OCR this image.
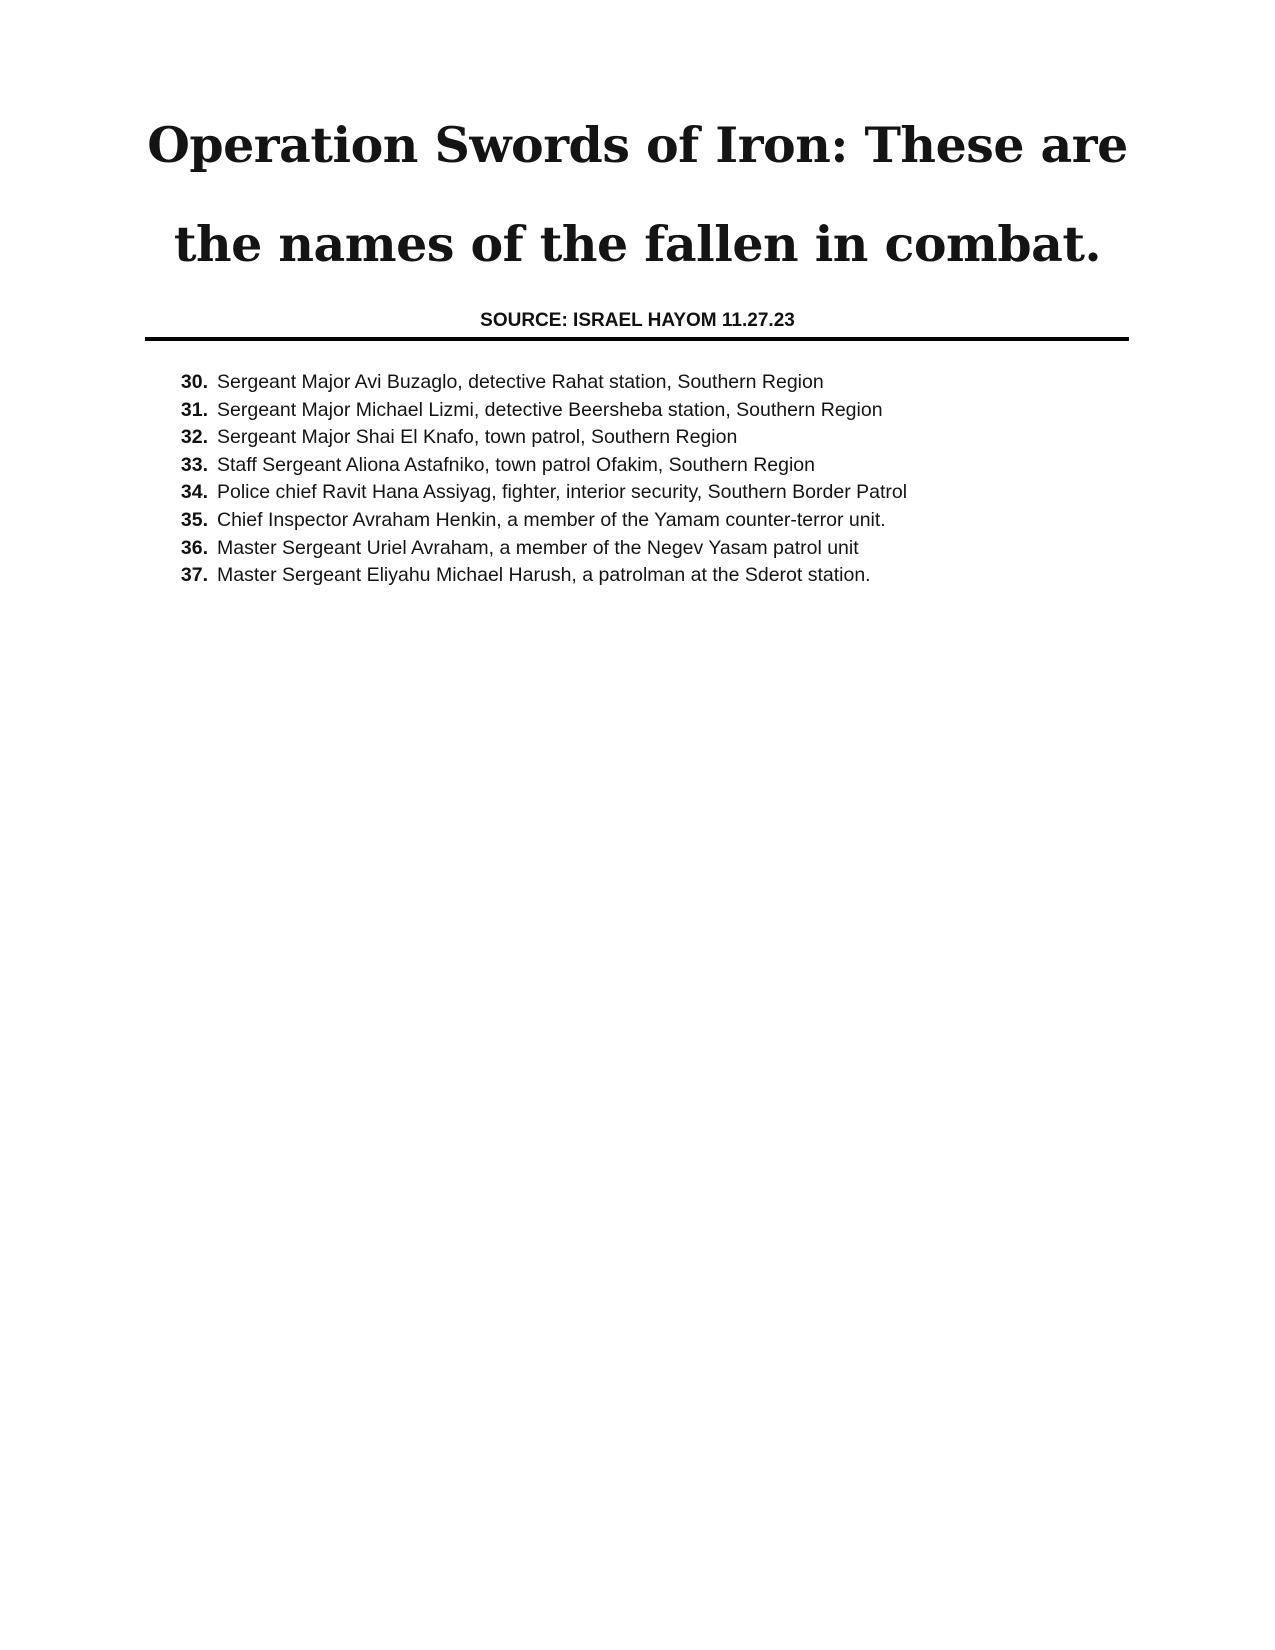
Operation Swords of Iron: These are the names of the fallen in combat.
SOURCE: ISRAEL HAYOM 11.27.23
30. Sergeant Major Avi Buzaglo, detective Rahat station, Southern Region
31. Sergeant Major Michael Lizmi, detective Beersheba station, Southern Region
32. Sergeant Major Shai El Knafo, town patrol, Southern Region
33. Staff Sergeant Aliona Astafniko, town patrol Ofakim, Southern Region
34. Police chief Ravit Hana Assiyag, fighter, interior security, Southern Border Patrol
35. Chief Inspector Avraham Henkin, a member of the Yamam counter-terror unit.
36. Master Sergeant Uriel Avraham, a member of the Negev Yasam patrol unit
37. Master Sergeant Eliyahu Michael Harush, a patrolman at the Sderot station.
